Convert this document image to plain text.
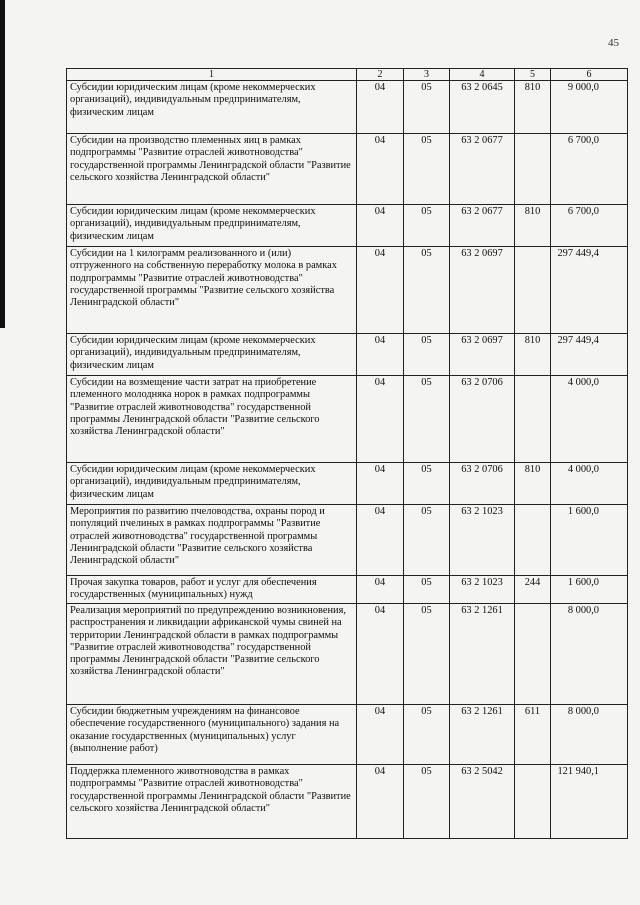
45
1	2	3	4	5	6
Субсидии юридическим лицам (кроме некоммерческих организаций), индивидуальным предпринимателям, физическим лицам	04	05	63 2 0645	810	9 000,0
Субсидии на производство племенных яиц в рамках подпрограммы "Развитие отраслей животноводства" государственной программы Ленинградской области "Развитие сельского хозяйства Ленинградской области"	04	05	63 2 0677		6 700,0
Субсидии юридическим лицам (кроме некоммерческих организаций), индивидуальным предпринимателям, физическим лицам	04	05	63 2 0677	810	6 700,0
Субсидии на 1 килограмм реализованного и (или) отгруженного на собственную переработку молока в рамках подпрограммы "Развитие отраслей животноводства" государственной программы "Развитие сельского хозяйства Ленинградской области"	04	05	63 2 0697		297 449,4
Субсидии юридическим лицам (кроме некоммерческих организаций), индивидуальным предпринимателям, физическим лицам	04	05	63 2 0697	810	297 449,4
Субсидии на возмещение части затрат на приобретение племенного молодняка норок в рамках подпрограммы "Развитие отраслей животноводства" государственной программы Ленинградской области "Развитие сельского хозяйства Ленинградской области"	04	05	63 2 0706		4 000,0
Субсидии юридическим лицам (кроме некоммерческих организаций), индивидуальным предпринимателям, физическим лицам	04	05	63 2 0706	810	4 000,0
Мероприятия по развитию пчеловодства, охраны пород и популяций пчелиных в рамках подпрограммы "Развитие отраслей животноводства" государственной программы Ленинградской области "Развитие сельского хозяйства Ленинградской области"	04	05	63 2 1023		1 600,0
Прочая закупка товаров, работ и услуг для обеспечения государственных (муниципальных) нужд	04	05	63 2 1023	244	1 600,0
Реализация мероприятий по предупреждению возникновения, распространения и ликвидации африканской чумы свиней на территории Ленинградской области в рамках подпрограммы "Развитие отраслей животноводства" государственной программы Ленинградской области "Развитие сельского хозяйства Ленинградской области"	04	05	63 2 1261		8 000,0
Субсидии бюджетным учреждениям на финансовое обеспечение государственного (муниципального) задания на оказание государственных (муниципальных) услуг (выполнение работ)	04	05	63 2 1261	611	8 000,0
Поддержка племенного животноводства в рамках подпрограммы "Развитие отраслей животноводства" государственной программы Ленинградской области "Развитие сельского хозяйства Ленинградской области"	04	05	63 2 5042		121 940,1
